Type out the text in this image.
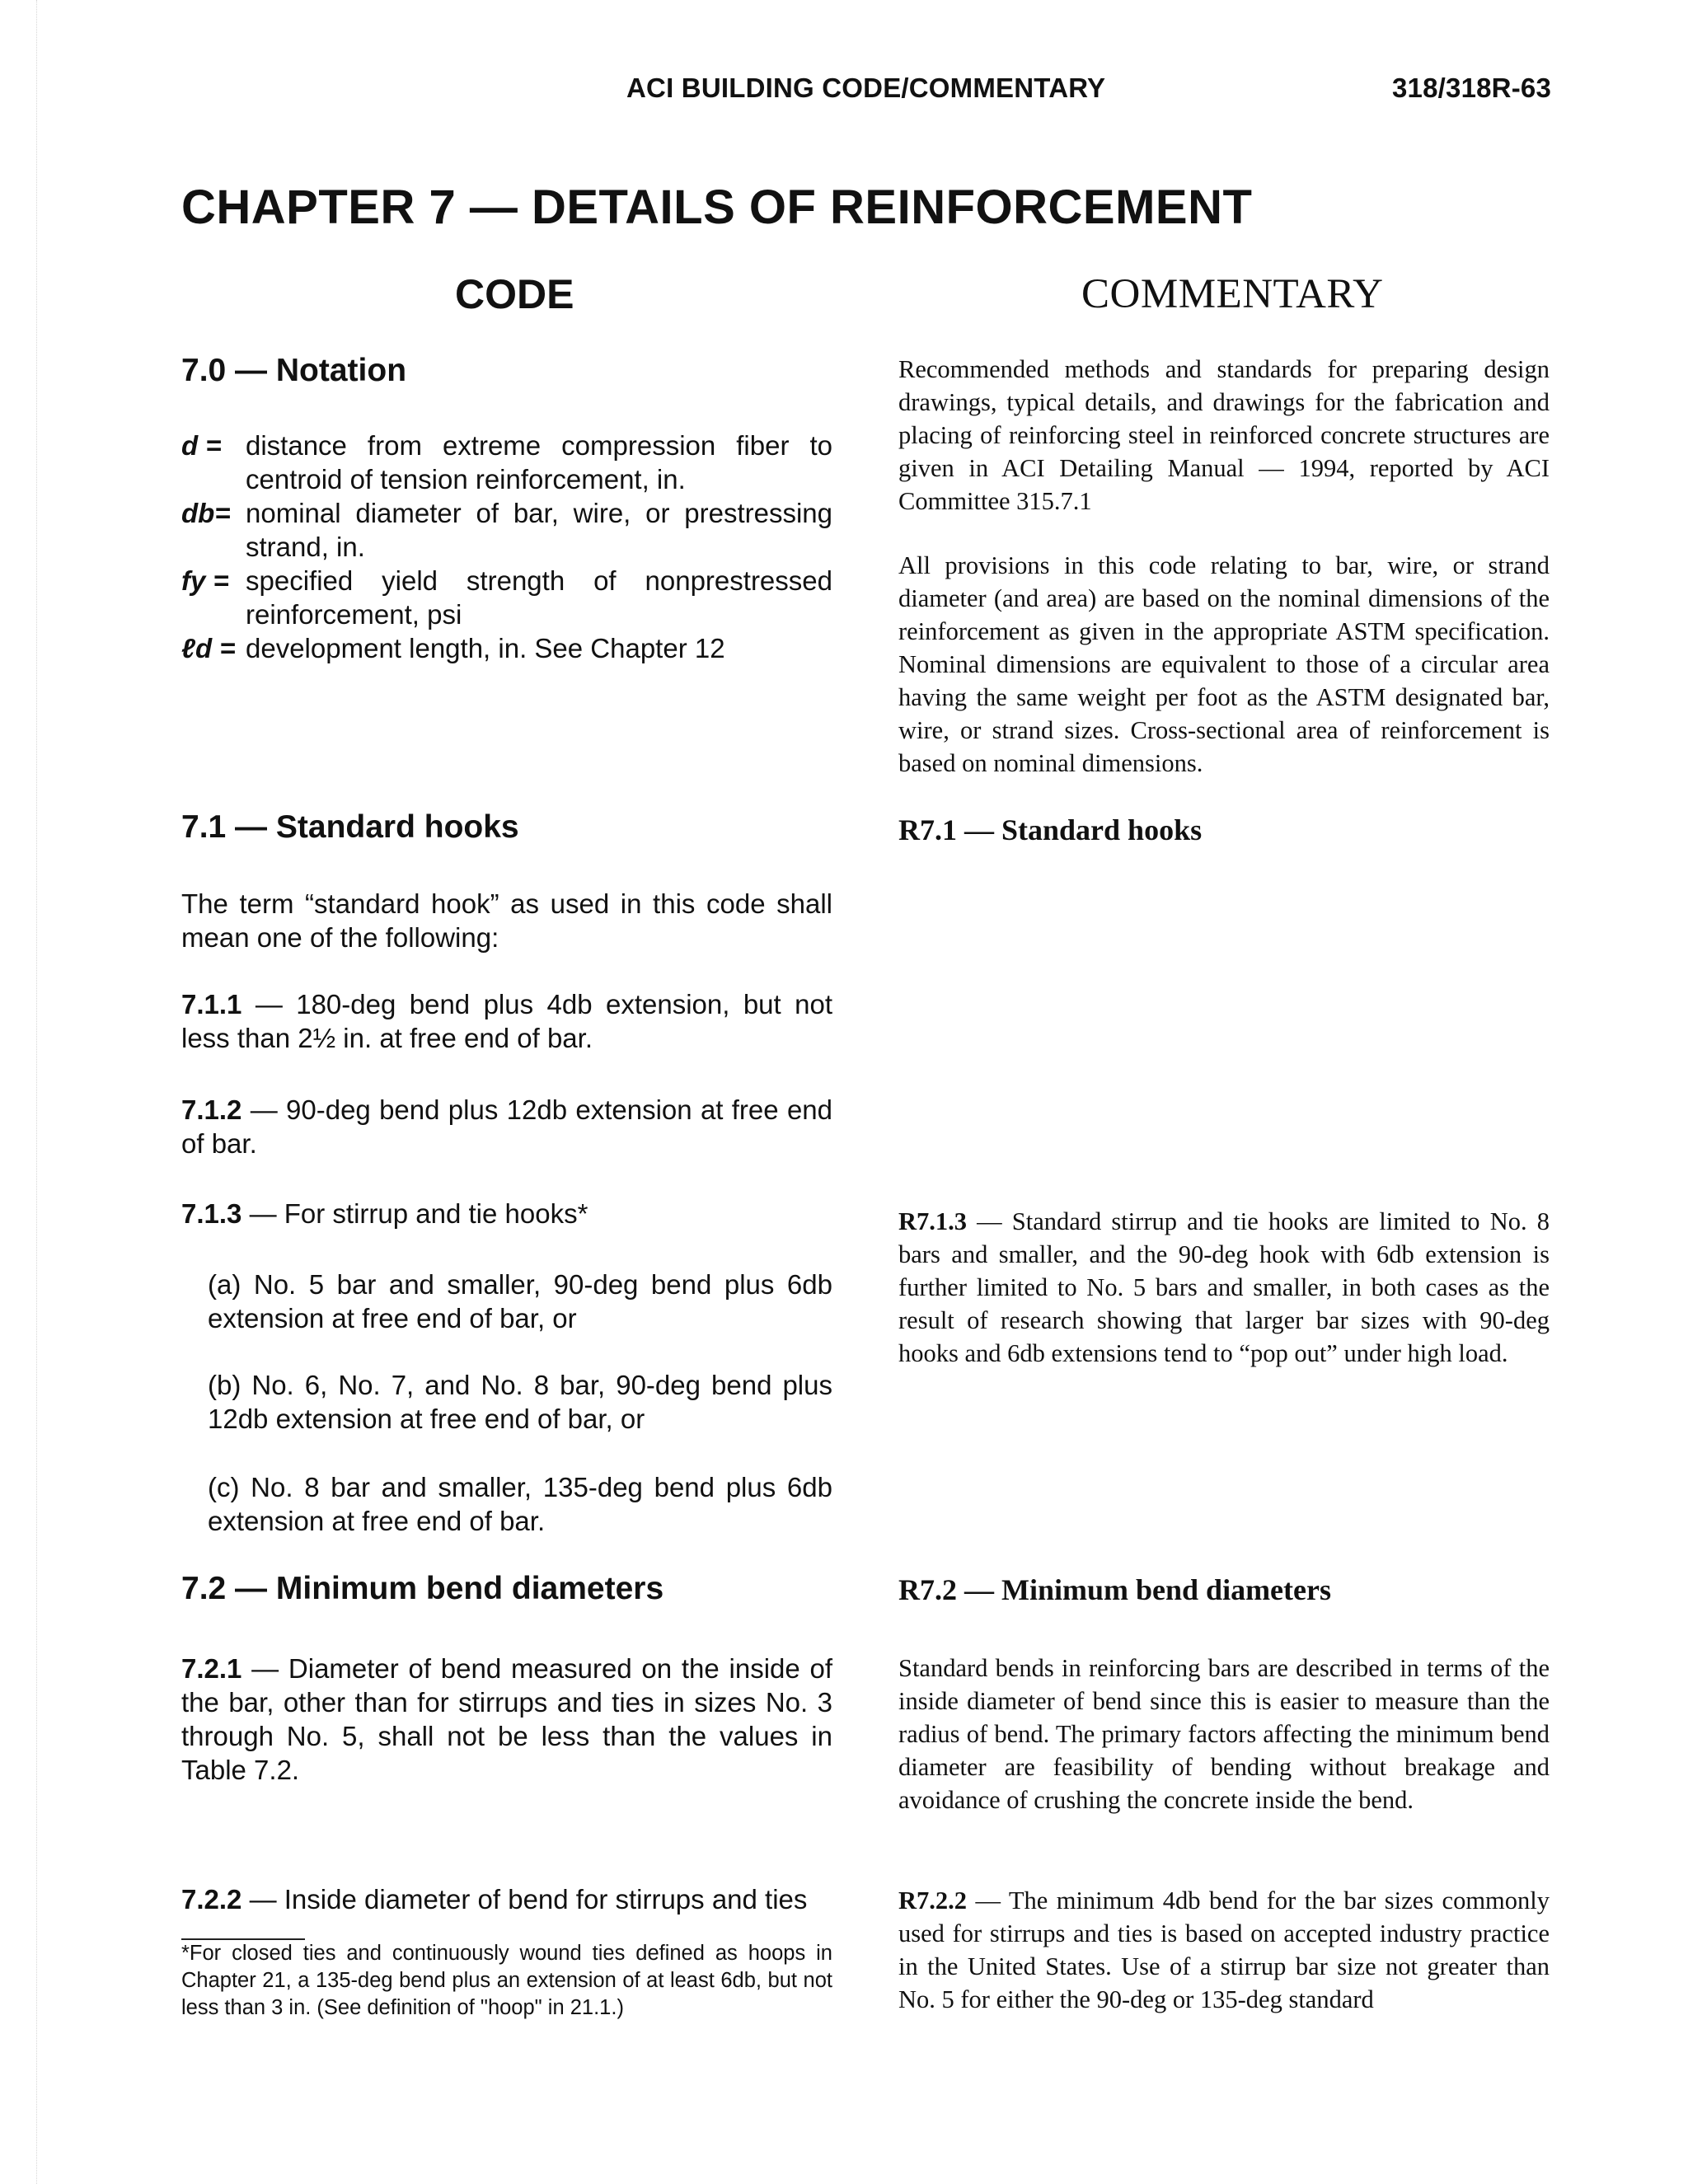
ACI BUILDING CODE/COMMENTARY	318/318R-63
CHAPTER 7 — DETAILS OF REINFORCEMENT
CODE	COMMENTARY
7.0 — Notation
d = distance from extreme compression fiber to centroid of tension reinforcement, in.
db= nominal diameter of bar, wire, or prestressing strand, in.
fy = specified yield strength of nonprestressed reinforcement, psi
ℓd = development length, in. See Chapter 12
7.1 — Standard hooks

The term “standard hook” as used in this code shall mean one of the following:

7.1.1 — 180-deg bend plus 4db extension, but not less than 2½ in. at free end of bar.

7.1.2 — 90-deg bend plus 12db extension at free end of bar.

7.1.3 — For stirrup and tie hooks*

(a) No. 5 bar and smaller, 90-deg bend plus 6db extension at free end of bar, or

(b) No. 6, No. 7, and No. 8 bar, 90-deg bend plus 12db extension at free end of bar, or

(c) No. 8 bar and smaller, 135-deg bend plus 6db extension at free end of bar.

7.2 — Minimum bend diameters

7.2.1 — Diameter of bend measured on the inside of the bar, other than for stirrups and ties in sizes No. 3 through No. 5, shall not be less than the values in Table 7.2.

7.2.2 — Inside diameter of bend for stirrups and ties

*For closed ties and continuously wound ties defined as hoops in Chapter 21, a 135-deg bend plus an extension of at least 6db, but not less than 3 in. (See definition of "hoop" in 21.1.)

Recommended methods and standards for preparing design drawings, typical details, and drawings for the fabrication and placing of reinforcing steel in reinforced concrete structures are given in ACI Detailing Manual — 1994, reported by ACI Committee 315.7.1

All provisions in this code relating to bar, wire, or strand diameter (and area) are based on the nominal dimensions of the reinforcement as given in the appropriate ASTM specification. Nominal dimensions are equivalent to those of a circular area having the same weight per foot as the ASTM designated bar, wire, or strand sizes. Cross-sectional area of reinforcement is based on nominal dimensions.

R7.1 — Standard hooks

R7.1.3 — Standard stirrup and tie hooks are limited to No. 8 bars and smaller, and the 90-deg hook with 6db extension is further limited to No. 5 bars and smaller, in both cases as the result of research showing that larger bar sizes with 90-deg hooks and 6db extensions tend to “pop out” under high load.

R7.2 — Minimum bend diameters

Standard bends in reinforcing bars are described in terms of the inside diameter of bend since this is easier to measure than the radius of bend. The primary factors affecting the minimum bend diameter are feasibility of bending without breakage and avoidance of crushing the concrete inside the bend.

R7.2.2 — The minimum 4db bend for the bar sizes commonly used for stirrups and ties is based on accepted industry practice in the United States. Use of a stirrup bar size not greater than No. 5 for either the 90-deg or 135-deg standard
